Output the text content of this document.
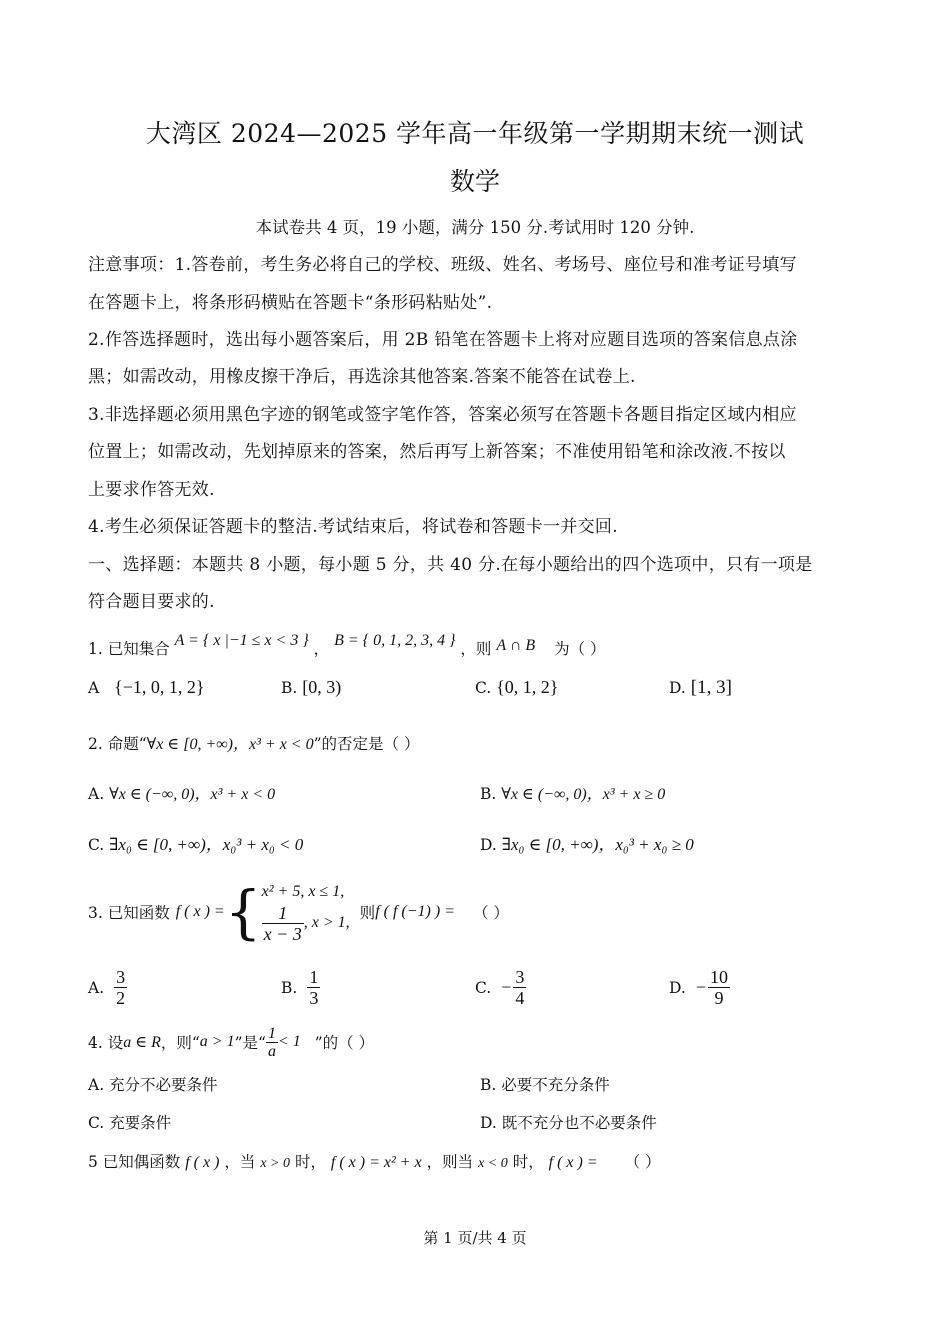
大湾区 2024—2025 学年高一年级第一学期期末统一测试
数学
本试卷共 4 页，19 小题，满分 150 分.考试用时 120 分钟.
注意事项：1.答卷前，考生务必将自己的学校、班级、姓名、考场号、座位号和准考证号填写
在答题卡上，将条形码横贴在答题卡“条形码粘贴处”.
2.作答选择题时，选出每小题答案后，用 2B 铅笔在答题卡上将对应题目选项的答案信息点涂
黑；如需改动，用橡皮擦干净后，再选涂其他答案.答案不能答在试卷上.
3.非选择题必须用黑色字迹的钢笔或签字笔作答，答案必须写在答题卡各题目指定区域内相应
位置上；如需改动，先划掉原来的答案，然后再写上新答案；不准使用铅笔和涂改液.不按以
上要求作答无效.
4.考生必须保证答题卡的整洁.考试结束后，将试卷和答题卡一并交回.
一、选择题：本题共 8 小题，每小题 5 分，共 40 分.在每小题给出的四个选项中，只有一项是
符合题目要求的.
1. 已知集合 A = { x |−1 ≤ x < 3 } ， B = { 0, 1, 2, 3, 4 } ，则 A ∩ B 为（ ）
A {−1, 0, 1, 2}	B. [0, 3)	C. {0, 1, 2}	D. [1, 3]
2. 命题“∀x ∈ [0, +∞)，x³ + x < 0”的否定是（ ）
A. ∀x ∈ (−∞, 0)，x³ + x < 0	B. ∀x ∈ (−∞, 0)，x³ + x ≥ 0
C. ∃x₀ ∈ [0, +∞)，x₀³ + x₀ < 0	D. ∃x₀ ∈ [0, +∞)，x₀³ + x₀ ≥ 0
3. 已知函数 f ( x ) = { x² + 5, x ≤ 1,
$\frac{1}{x - 3}$ , x > 1,
则 f ( f (−1) ) = （ ）
A. $\frac{3}{2}$	B. $\frac{1}{3}$	C. − $\frac{3}{4}$	D. − $\frac{10}{9}$
4. 设 a ∈ R ，则“ a > 1 ”是“ $\frac{1}{a} < 1$ ”的（ ）
A. 充分不必要条件	B. 必要不充分条件
C. 充要条件	D. 既不充分也不必要条件
5 已知偶函数 f ( x ) ，当 x > 0 时， f ( x ) = x² + x ，则当 x < 0 时， f ( x ) = （ ）
第 1 页/共 4 页
